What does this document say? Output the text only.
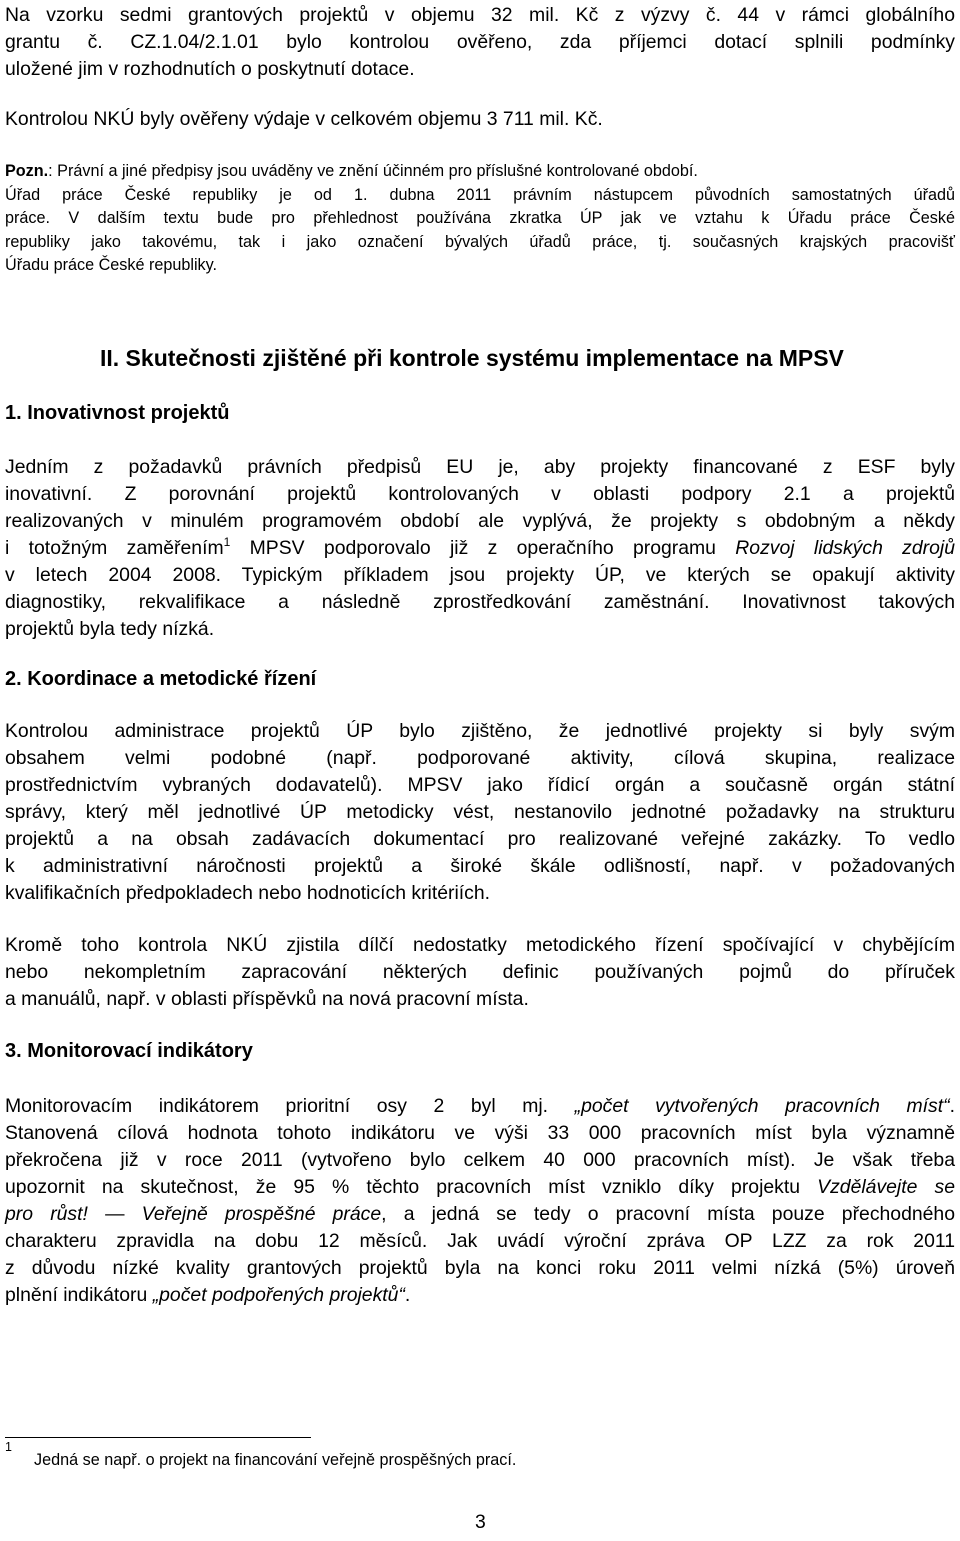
Na vzorku sedmi grantových projektů v objemu 32 mil. Kč z výzvy č. 44 v rámci globálního
grantu č. CZ.1.04/2.1.01 bylo kontrolou ověřeno, zda příjemci dotací splnili podmínky
uložené jim v rozhodnutích o poskytnutí dotace.

Kontrolou NKÚ byly ověřeny výdaje v celkovém objemu 3 711 mil. Kč.

Pozn.: Právní a jiné předpisy jsou uváděny ve znění účinném pro příslušné kontrolované období.
Úřad práce České republiky je od 1. dubna 2011 právním nástupcem původních samostatných úřadů
práce. V dalším textu bude pro přehlednost používána zkratka ÚP jak ve vztahu k Úřadu práce České
republiky jako takovému, tak i jako označení bývalých úřadů práce, tj. současných krajských pracovišť
Úřadu práce České republiky.
II. Skutečnosti zjištěné při kontrole systému implementace na MPSV
1. Inovativnost projektů

Jedním z požadavků právních předpisů EU je, aby projekty financované z ESF byly
inovativní. Z porovnání projektů kontrolovaných v oblasti podpory 2.1 a projektů
realizovaných v minulém programovém období ale vyplývá, že projekty s obdobným a někdy
i totožným zaměřením$^1$ MPSV podporovalo již z operačního programu Rozvoj lidských zdrojů
v letech 2004 2008. Typickým příkladem jsou projekty ÚP, ve kterých se opakují aktivity
diagnostiky, rekvalifikace a následně zprostředkování zaměstnání. Inovativnost takových
projektů byla tedy nízká.

2. Koordinace a metodické řízení

Kontrolou administrace projektů ÚP bylo zjištěno, že jednotlivé projekty si byly svým
obsahem velmi podobné (např. podporované aktivity, cílová skupina, realizace
prostřednictvím vybraných dodavatelů). MPSV jako řídicí orgán a současně orgán státní
správy, který měl jednotlivé ÚP metodicky vést, nestanovilo jednotné požadavky na strukturu
projektů a na obsah zadávacích dokumentací pro realizované veřejné zakázky. To vedlo
k administrativní náročnosti projektů a široké škále odlišností, např. v požadovaných
kvalifikačních předpokladech nebo hodnoticích kritériích.

Kromě toho kontrola NKÚ zjistila dílčí nedostatky metodického řízení spočívající v chybějícím
nebo nekompletním zapracování některých definic používaných pojmů do příruček
a manuálů, např. v oblasti příspěvků na nová pracovní místa.

3. Monitorovací indikátory

Monitorovacím indikátorem prioritní osy 2 byl mj. „počet vytvořených pracovních míst“.
Stanovená cílová hodnota tohoto indikátoru ve výši 33 000 pracovních míst byla významně
překročena již v roce 2011 (vytvořeno bylo celkem 40 000 pracovních míst). Je však třeba
upozornit na skutečnost, že 95 % těchto pracovních míst vzniklo díky projektu Vzdělávejte se
pro růst! — Veřejně prospěšné práce, a jedná se tedy o pracovní místa pouze přechodného
charakteru zpravidla na dobu 12 měsíců. Jak uvádí výroční zpráva OP LZZ za rok 2011
z důvodu nízké kvality grantových projektů byla na konci roku 2011 velmi nízká (5%) úroveň
plnění indikátoru „počet podpořených projektů“.

1
Jedná se např. o projekt na financování veřejně prospěšných prací.
3
